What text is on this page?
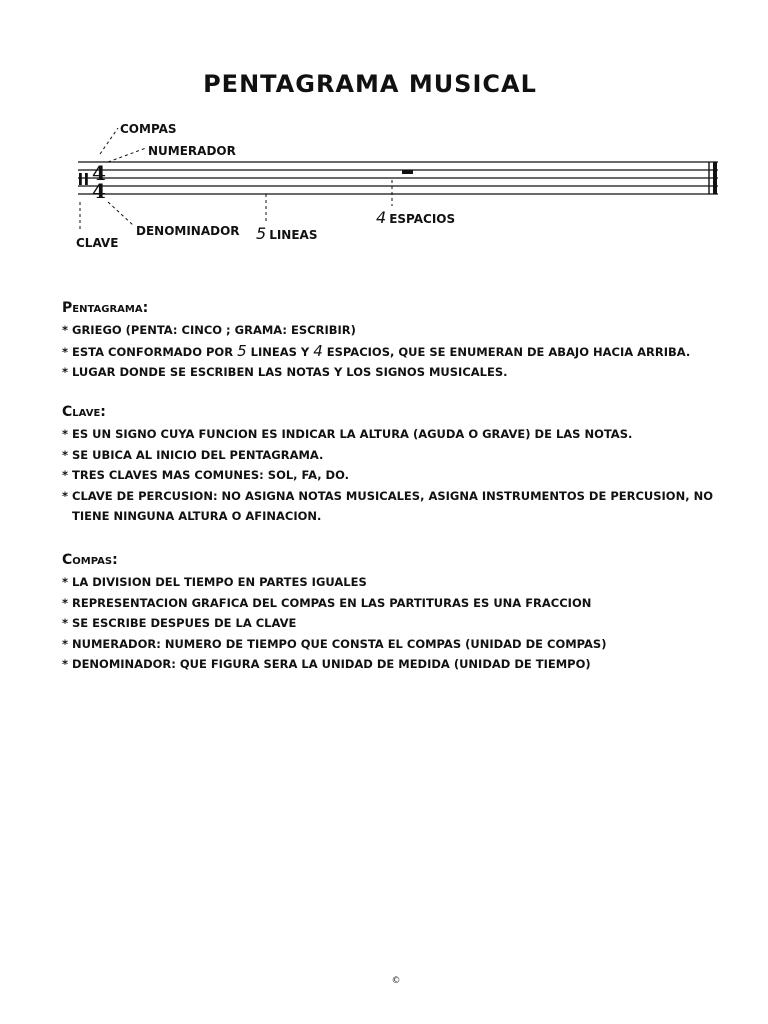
PENTAGRAMA MUSICAL
4
4
COMPAS
NUMERADOR
DENOMINADOR
CLAVE	5 LINEAS
4 ESPACIOS
Pentagrama:
* GRIEGO (PENTA: CINCO ; GRAMA: ESCRIBIR)
* ESTA CONFORMADO POR 5 LINEAS Y 4 ESPACIOS, QUE SE ENUMERAN DE ABAJO HACIA ARRIBA.
* LUGAR DONDE SE ESCRIBEN LAS NOTAS Y LOS SIGNOS MUSICALES.
Clave:
* ES UN SIGNO CUYA FUNCION ES INDICAR LA ALTURA (AGUDA O GRAVE) DE LAS NOTAS.
* SE UBICA AL INICIO DEL PENTAGRAMA.
* TRES CLAVES MAS COMUNES: SOL, FA, DO.
* CLAVE DE PERCUSION: NO ASIGNA NOTAS MUSICALES, ASIGNA INSTRUMENTOS DE PERCUSION, NO TIENE NINGUNA ALTURA O AFINACION.
Compas:
* LA DIVISION DEL TIEMPO EN PARTES IGUALES
* REPRESENTACION GRAFICA DEL COMPAS EN LAS PARTITURAS ES UNA FRACCION
* SE ESCRIBE DESPUES DE LA CLAVE
* NUMERADOR: NUMERO DE TIEMPO QUE CONSTA EL COMPAS (UNIDAD DE COMPAS)
* DENOMINADOR: QUE FIGURA SERA LA UNIDAD DE MEDIDA (UNIDAD DE TIEMPO)
©
